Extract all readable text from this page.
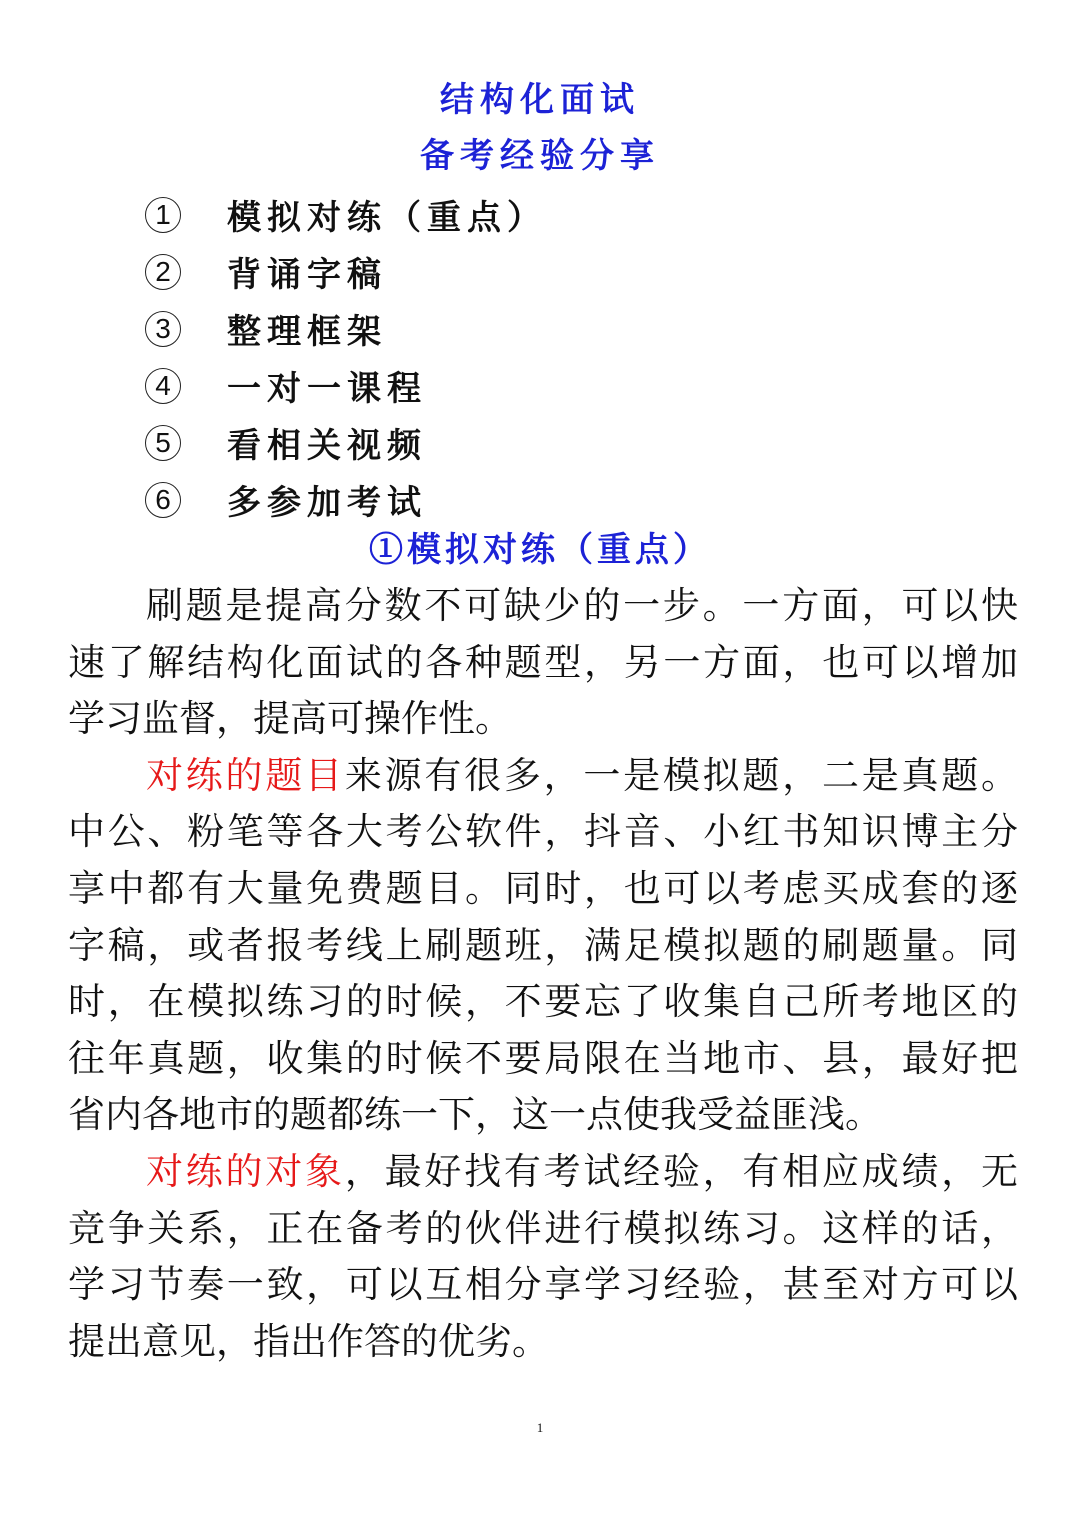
结构化面试
备考经验分享
1	模拟对练（重点）
2	背诵字稿
3	整理框架
4	一对一课程
5	看相关视频
6	多参加考试
①模拟对练（重点）
刷题是提高分数不可缺少的一步。一方面，可以快
速了解结构化面试的各种题型，另一方面，也可以增加
学习监督，提高可操作性。
对练的题目来源有很多，一是模拟题，二是真题。
中公、粉笔等各大考公软件，抖音、小红书知识博主分
享中都有大量免费题目。同时，也可以考虑买成套的逐
字稿，或者报考线上刷题班，满足模拟题的刷题量。同
时，在模拟练习的时候，不要忘了收集自己所考地区的
往年真题，收集的时候不要局限在当地市、县，最好把
省内各地市的题都练一下，这一点使我受益匪浅。
对练的对象，最好找有考试经验，有相应成绩，无
竞争关系，正在备考的伙伴进行模拟练习。这样的话，
学习节奏一致，可以互相分享学习经验，甚至对方可以
提出意见，指出作答的优劣。
1
